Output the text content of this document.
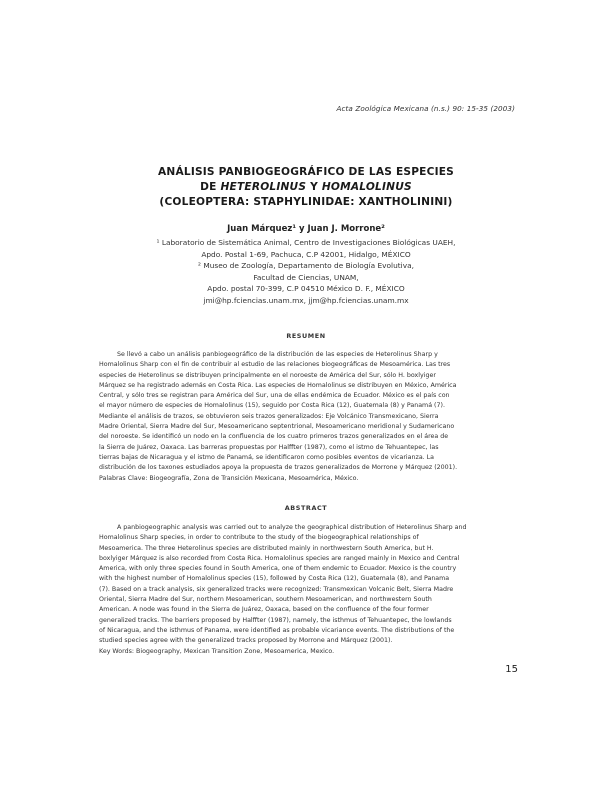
Acta Zoológica Mexicana (n.s.) 90: 15-35 (2003)
ANÁLISIS PANBIOGEOGRÁFICO DE LAS ESPECIES
DE HETEROLINUS Y HOMALOLINUS
(COLEOPTERA: STAPHYLINIDAE: XANTHOLININI)
Juan Márquez¹ y Juan J. Morrone²
¹ Laboratorio de Sistemática Animal, Centro de Investigaciones Biológicas UAEH,
Apdo. Postal 1-69, Pachuca, C.P 42001, Hidalgo, MÉXICO
² Museo de Zoología, Departamento de Biología Evolutiva,
Facultad de Ciencias, UNAM,
Apdo. postal 70-399, C.P 04510 México D. F., MÉXICO
jmi@hp.fciencias.unam.mx, jjm@hp.fciencias.unam.mx
RESUMEN
Se llevó a cabo un análisis panbiogeográfico de la distribución de las especies de Heterolinus Sharp y
Homalolinus Sharp con el fin de contribuir al estudio de las relaciones biogeográficas de Mesoamérica. Las tres
especies de Heterolinus se distribuyen principalmente en el noroeste de América del Sur, sólo H. boxlyiger
Márquez se ha registrado además en Costa Rica. Las especies de Homalolinus se distribuyen en México, América
Central, y sólo tres se registran para América del Sur, una de ellas endémica de Ecuador. México es el país con
el mayor número de especies de Homalolinus (15), seguido por Costa Rica (12), Guatemala (8) y Panamá (7).
Mediante el análisis de trazos, se obtuvieron seis trazos generalizados: Eje Volcánico Transmexicano, Sierra
Madre Oriental, Sierra Madre del Sur, Mesoamericano septentrional, Mesoamericano meridional y Sudamericano
del noroeste. Se identificó un nodo en la confluencia de los cuatro primeros trazos generalizados en el área de
la Sierra de Juárez, Oaxaca. Las barreras propuestas por Halffter (1987), como el istmo de Tehuantepec, las
tierras bajas de Nicaragua y el istmo de Panamá, se identificaron como posibles eventos de vicarianza. La
distribución de los taxones estudiados apoya la propuesta de trazos generalizados de Morrone y Márquez (2001).
Palabras Clave: Biogeografía, Zona de Transición Mexicana, Mesoamérica, México.
ABSTRACT
A panbiogeographic analysis was carried out to analyze the geographical distribution of Heterolinus Sharp and
Homalolinus Sharp species, in order to contribute to the study of the biogeographical relationships of
Mesoamerica. The three Heterolinus species are distributed mainly in northwestern South America, but H.
boxlyiger Márquez is also recorded from Costa Rica. Homalolinus species are ranged mainly in Mexico and Central
America, with only three species found in South America, one of them endemic to Ecuador. Mexico is the country
with the highest number of Homalolinus species (15), followed by Costa Rica (12), Guatemala (8), and Panama
(7). Based on a track analysis, six generalized tracks were recognized: Transmexican Volcanic Belt, Sierra Madre
Oriental, Sierra Madre del Sur, northern Mesoamerican, southern Mesoamerican, and northwestern South
American. A node was found in the Sierra de Juárez, Oaxaca, based on the confluence of the four former
generalized tracks. The barriers proposed by Halffter (1987), namely, the isthmus of Tehuantepec, the lowlands
of Nicaragua, and the isthmus of Panama, were identified as probable vicariance events. The distributions of the
studied species agree with the generalized tracks proposed by Morrone and Márquez (2001).
Key Words: Biogeography, Mexican Transition Zone, Mesoamerica, Mexico.
15
